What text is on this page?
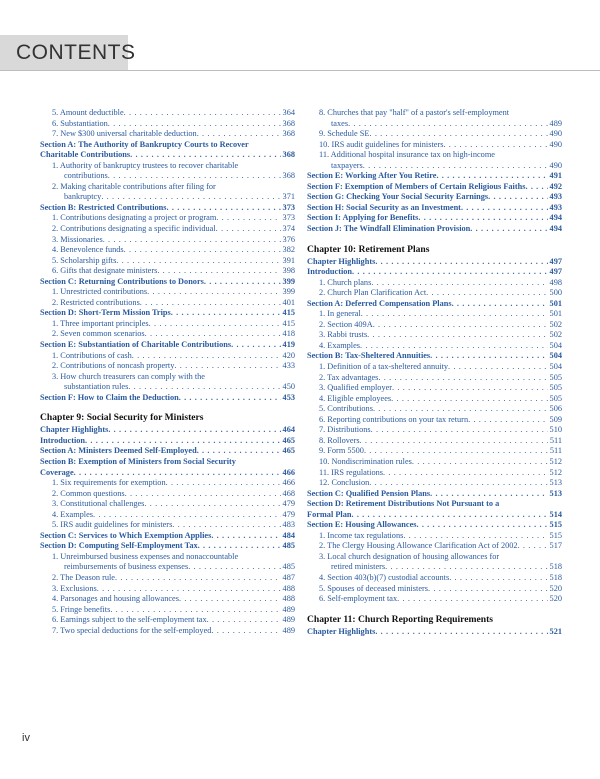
CONTENTS
5. Amount deductible . . .	364
6. Substantiation . . .	368
7. New $300 universal charitable deduction . . .	368
Section A: The Authority of Bankruptcy Courts to Recover
Charitable Contributions . . .	368
1. Authority of bankruptcy trustees to recover charitable
contributions . . .	368
2. Making charitable contributions after filing for
bankruptcy . . .	371
Section B: Restricted Contributions . . .	373
1. Contributions designating a project or program . . .	373
2. Contributions designating a specific individual . . .	374
3. Missionaries . . .	376
4. Benevolence funds . . .	382
5. Scholarship gifts . . .	391
6. Gifts that designate ministers . . .	398
Section C: Returning Contributions to Donors . . .	399
1. Unrestricted contributions . . .	399
2. Restricted contributions . . .	401
Section D: Short-Term Mission Trips . . .	415
1. Three important principles . . .	415
2. Seven common scenarios . . .	418
Section E: Substantiation of Charitable Contributions . . .	419
1. Contributions of cash . . .	420
2. Contributions of noncash property . . .	433
3. How church treasurers can comply with the
substantiation rules . . .	450
Section F: How to Claim the Deduction . . .	453
Chapter 9: Social Security for Ministers
Chapter Highlights . . .	464
Introduction . . .	465
Section A: Ministers Deemed Self-Employed . . .	465
Section B: Exemption of Ministers from Social Security
Coverage . . .	466
1. Six requirements for exemption . . .	466
2. Common questions . . .	468
3. Constitutional challenges . . .	479
4. Examples . . .	479
5. IRS audit guidelines for ministers . . .	483
Section C: Services to Which Exemption Applies . . .	484
Section D: Computing Self-Employment Tax . . .	485
1. Unreimbursed business expenses and nonaccountable
reimbursements of business expenses . . .	485
2. The Deason rule . . .	487
3. Exclusions . . .	488
4. Parsonages and housing allowances . . .	488
5. Fringe benefits . . .	489
6. Earnings subject to the self-employment tax . . .	489
7. Two special deductions for the self-employed . . .	489
8. Churches that pay "half" of a pastor's self-employment
taxes . . .	489
9. Schedule SE . . .	490
10. IRS audit guidelines for ministers . . .	490
11. Additional hospital insurance tax on high-income
taxpayers . . .	490
Section E: Working After You Retire . . .	491
Section F: Exemption of Members of Certain Religious Faiths . . .	492
Section G: Checking Your Social Security Earnings . . .	493
Section H: Social Security as an Investment . . .	493
Section I: Applying for Benefits . . .	494
Section J: The Windfall Elimination Provision . . .	494
Chapter 10: Retirement Plans
Chapter Highlights . . .	497
Introduction . . .	497
1. Church plans . . .	498
2. Church Plan Clarification Act . . .	500
Section A: Deferred Compensation Plans . . .	501
1. In general . . .	501
2. Section 409A . . .	502
3. Rabbi trusts . . .	502
4. Examples . . .	504
Section B: Tax-Sheltered Annuities . . .	504
1. Definition of a tax-sheltered annuity . . .	504
2. Tax advantages . . .	505
3. Qualified employer . . .	505
4. Eligible employees . . .	505
5. Contributions . . .	506
6. Reporting contributions on your tax return . . .	509
7. Distributions . . .	510
8. Rollovers . . .	511
9. Form 5500 . . .	511
10. Nondiscrimination rules . . .	512
11. IRS regulations . . .	512
12. Conclusion . . .	513
Section C: Qualified Pension Plans . . .	513
Section D: Retirement Distributions Not Pursuant to a
Formal Plan . . .	514
Section E: Housing Allowances . . .	515
1. Income tax regulations . . .	515
2. The Clergy Housing Allowance Clarification Act of 2002 . . .	517
3. Local church designation of housing allowances for
retired ministers . . .	518
4. Section 403(b)(7) custodial accounts . . .	518
5. Spouses of deceased ministers . . .	520
6. Self-employment tax . . .	520
Chapter 11: Church Reporting Requirements
Chapter Highlights . . .	521
iv
